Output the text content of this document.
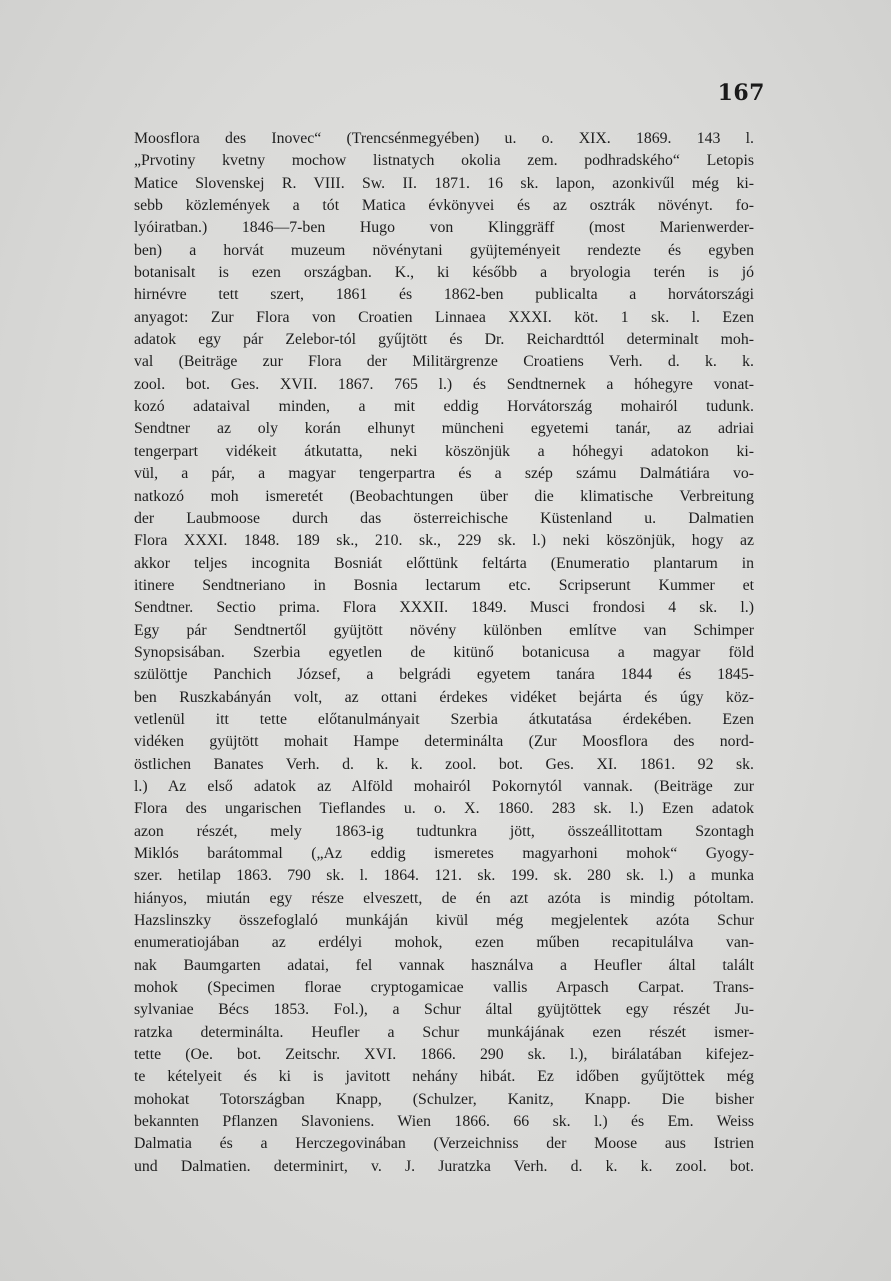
167
Moosflora des Inovec“ (Trencsénmegyében) u. o. XIX. 1869. 143 l.
„Prvotiny kvetny mochow listnatych okolia zem. podhradského“ Letopis
Matice Slovenskej R. VIII. Sw. II. 1871. 16 sk. lapon, azonkivűl még ki-
sebb közlemények a tót Matica évkönyvei és az osztrák növényt. fo-
lyóiratban.) 1846—7-ben Hugo von Klinggräff (most Marienwerder-
ben) a horvát muzeum növénytani gyüjteményeit rendezte és egyben
botanisalt is ezen országban. K., ki később a bryologia terén is jó
hirnévre tett szert, 1861 és 1862-ben publicalta a horvátországi
anyagot: Zur Flora von Croatien Linnaea XXXI. köt. 1 sk. l. Ezen
adatok egy pár Zelebor-tól gyűjtött és Dr. Reichardttól determinalt moh-
val (Beiträge zur Flora der Militärgrenze Croatiens Verh. d. k. k.
zool. bot. Ges. XVII. 1867. 765 l.) és Sendtnernek a hóhegyre vonat-
kozó adataival minden, a mit eddig Horvátország mohairól tudunk.
Sendtner az oly korán elhunyt müncheni egyetemi tanár, az adriai
tengerpart vidékeit átkutatta, neki köszönjük a hóhegyi adatokon ki-
vül, a pár, a magyar tengerpartra és a szép számu Dalmátiára vo-
natkozó moh ismeretét (Beobachtungen über die klimatische Verbreitung
der Laubmoose durch das österreichische Küstenland u. Dalmatien
Flora XXXI. 1848. 189 sk., 210. sk., 229 sk. l.) neki köszönjük, hogy az
akkor teljes incognita Bosniát előttünk feltárta (Enumeratio plantarum in
itinere Sendtneriano in Bosnia lectarum etc. Scripserunt Kummer et
Sendtner. Sectio prima. Flora XXXII. 1849. Musci frondosi 4 sk. l.)
Egy pár Sendtnertől gyüjtött növény különben említve van Schimper
Synopsisában. Szerbia egyetlen de kitünő botanicusa a magyar föld
szülöttje Panchich József, a belgrádi egyetem tanára 1844 és 1845-
ben Ruszkabányán volt, az ottani érdekes vidéket bejárta és úgy köz-
vetlenül itt tette előtanulmányait Szerbia átkutatása érdekében. Ezen
vidéken gyüjtött mohait Hampe determinálta (Zur Moosflora des nord-
östlichen Banates Verh. d. k. k. zool. bot. Ges. XI. 1861. 92 sk.
l.) Az első adatok az Alföld mohairól Pokornytól vannak. (Beiträge zur
Flora des ungarischen Tieflandes u. o. X. 1860. 283 sk. l.) Ezen adatok
azon részét, mely 1863-ig tudtunkra jött, összeállitottam Szontagh
Miklós barátommal („Az eddig ismeretes magyarhoni mohok“ Gyogy-
szer. hetilap 1863. 790 sk. l. 1864. 121. sk. 199. sk. 280 sk. l.) a munka
hiányos, miután egy része elveszett, de én azt azóta is mindig pótoltam.
Hazslinszky összefoglaló munkáján kivül még megjelentek azóta Schur
enumeratiojában az erdélyi mohok, ezen műben recapitulálva van-
nak Baumgarten adatai, fel vannak használva a Heufler által talált
mohok (Specimen florae cryptogamicae vallis Arpasch Carpat. Trans-
sylvaniae Bécs 1853. Fol.), a Schur által gyüjtöttek egy részét Ju-
ratzka determinálta. Heufler a Schur munkájának ezen részét ismer-
tette (Oe. bot. Zeitschr. XVI. 1866. 290 sk. l.), birálatában kifejez-
te kételyeit és ki is javitott nehány hibát. Ez időben gyűjtöttek még
mohokat Totországban Knapp, (Schulzer, Kanitz, Knapp. Die bisher
bekannten Pflanzen Slavoniens. Wien 1866. 66 sk. l.) és Em. Weiss
Dalmatia és a Herczegovinában (Verzeichniss der Moose aus Istrien
und Dalmatien. determinirt, v. J. Juratzka Verh. d. k. k. zool. bot.
